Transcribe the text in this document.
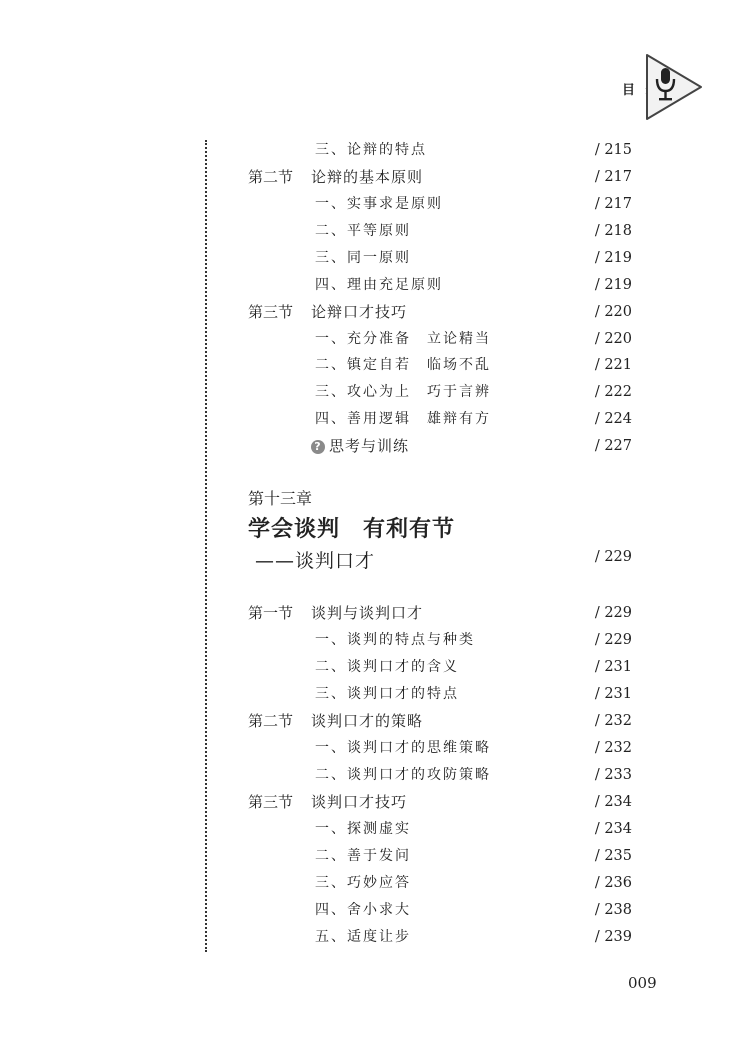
目
三、论辩的特点	/ 215
第二节 论辩的基本原则	/ 217
一、实事求是原则	/ 217
二、平等原则	/ 218
三、同一原则	/ 219
四、理由充足原则	/ 219
第三节 论辩口才技巧	/ 220
一、充分准备　立论精当	/ 220
二、镇定自若　临场不乱	/ 221
三、攻心为上　巧于言辨	/ 222
四、善用逻辑　雄辩有方	/ 224
? 思考与训练	/ 227
第十三章
学会谈判　有利有节
——谈判口才	/ 229
第一节 谈判与谈判口才	/ 229
一、谈判的特点与种类	/ 229
二、谈判口才的含义	/ 231
三、谈判口才的特点	/ 231
第二节 谈判口才的策略	/ 232
一、谈判口才的思维策略	/ 232
二、谈判口才的攻防策略	/ 233
第三节 谈判口才技巧	/ 234
一、探测虚实	/ 234
二、善于发问	/ 235
三、巧妙应答	/ 236
四、舍小求大	/ 238
五、适度让步	/ 239
009
